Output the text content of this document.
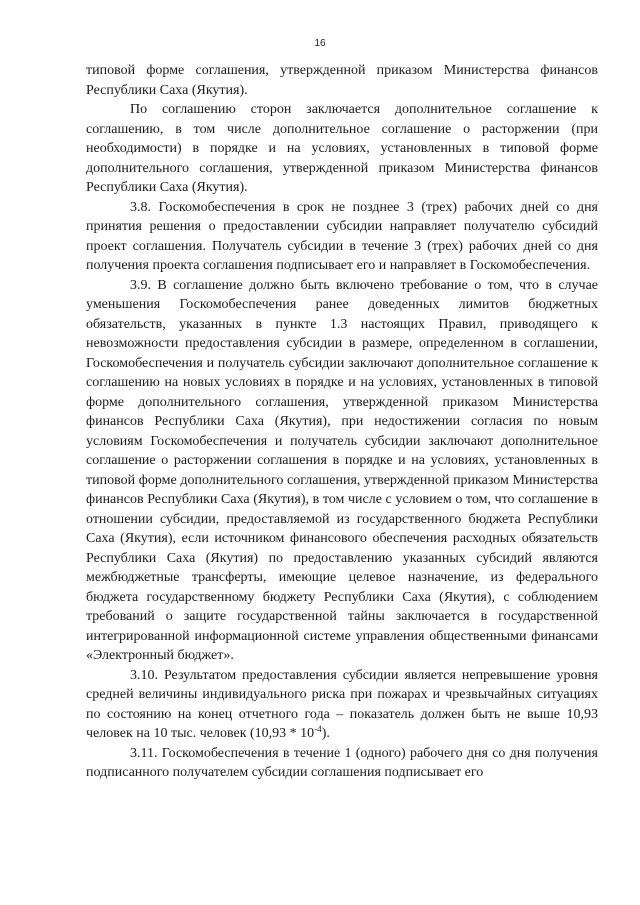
16

типовой форме соглашения, утвержденной приказом Министерства финансов Республики Саха (Якутия).

По соглашению сторон заключается дополнительное соглашение к соглашению, в том числе дополнительное соглашение о расторжении (при необходимости) в порядке и на условиях, установленных в типовой форме дополнительного соглашения, утвержденной приказом Министерства финансов Республики Саха (Якутия).

3.8. Госкомобеспечения в срок не позднее 3 (трех) рабочих дней со дня принятия решения о предоставлении субсидии направляет получателю субсидий проект соглашения. Получатель субсидии в течение 3 (трех) рабочих дней со дня получения проекта соглашения подписывает его и направляет в Госкомобеспечения.

3.9. В соглашение должно быть включено требование о том, что в случае уменьшения Госкомобеспечения ранее доведенных лимитов бюджетных обязательств, указанных в пункте 1.3 настоящих Правил, приводящего к невозможности предоставления субсидии в размере, определенном в соглашении, Госкомобеспечения и получатель субсидии заключают дополнительное соглашение к соглашению на новых условиях в порядке и на условиях, установленных в типовой форме дополнительного соглашения, утвержденной приказом Министерства финансов Республики Саха (Якутия), при недостижении согласия по новым условиям Госкомобеспечения и получатель субсидии заключают дополнительное соглашение о расторжении соглашения в порядке и на условиях, установленных в типовой форме дополнительного соглашения, утвержденной приказом Министерства финансов Республики Саха (Якутия), в том числе с условием о том, что соглашение в отношении субсидии, предоставляемой из государственного бюджета Республики Саха (Якутия), если источником финансового обеспечения расходных обязательств Республики Саха (Якутия) по предоставлению указанных субсидий являются межбюджетные трансферты, имеющие целевое назначение, из федерального бюджета государственному бюджету Республики Саха (Якутия), с соблюдением требований о защите государственной тайны заключается в государственной интегрированной информационной системе управления общественными финансами «Электронный бюджет».

3.10. Результатом предоставления субсидии является непревышение уровня средней величины индивидуального риска при пожарах и чрезвычайных ситуациях по состоянию на конец отчетного года – показатель должен быть не выше 10,93 человек на 10 тыс. человек $(10,93 * 10^{-4})$.

3.11. Госкомобеспечения в течение 1 (одного) рабочего дня со дня получения подписанного получателем субсидии соглашения подписывает его
